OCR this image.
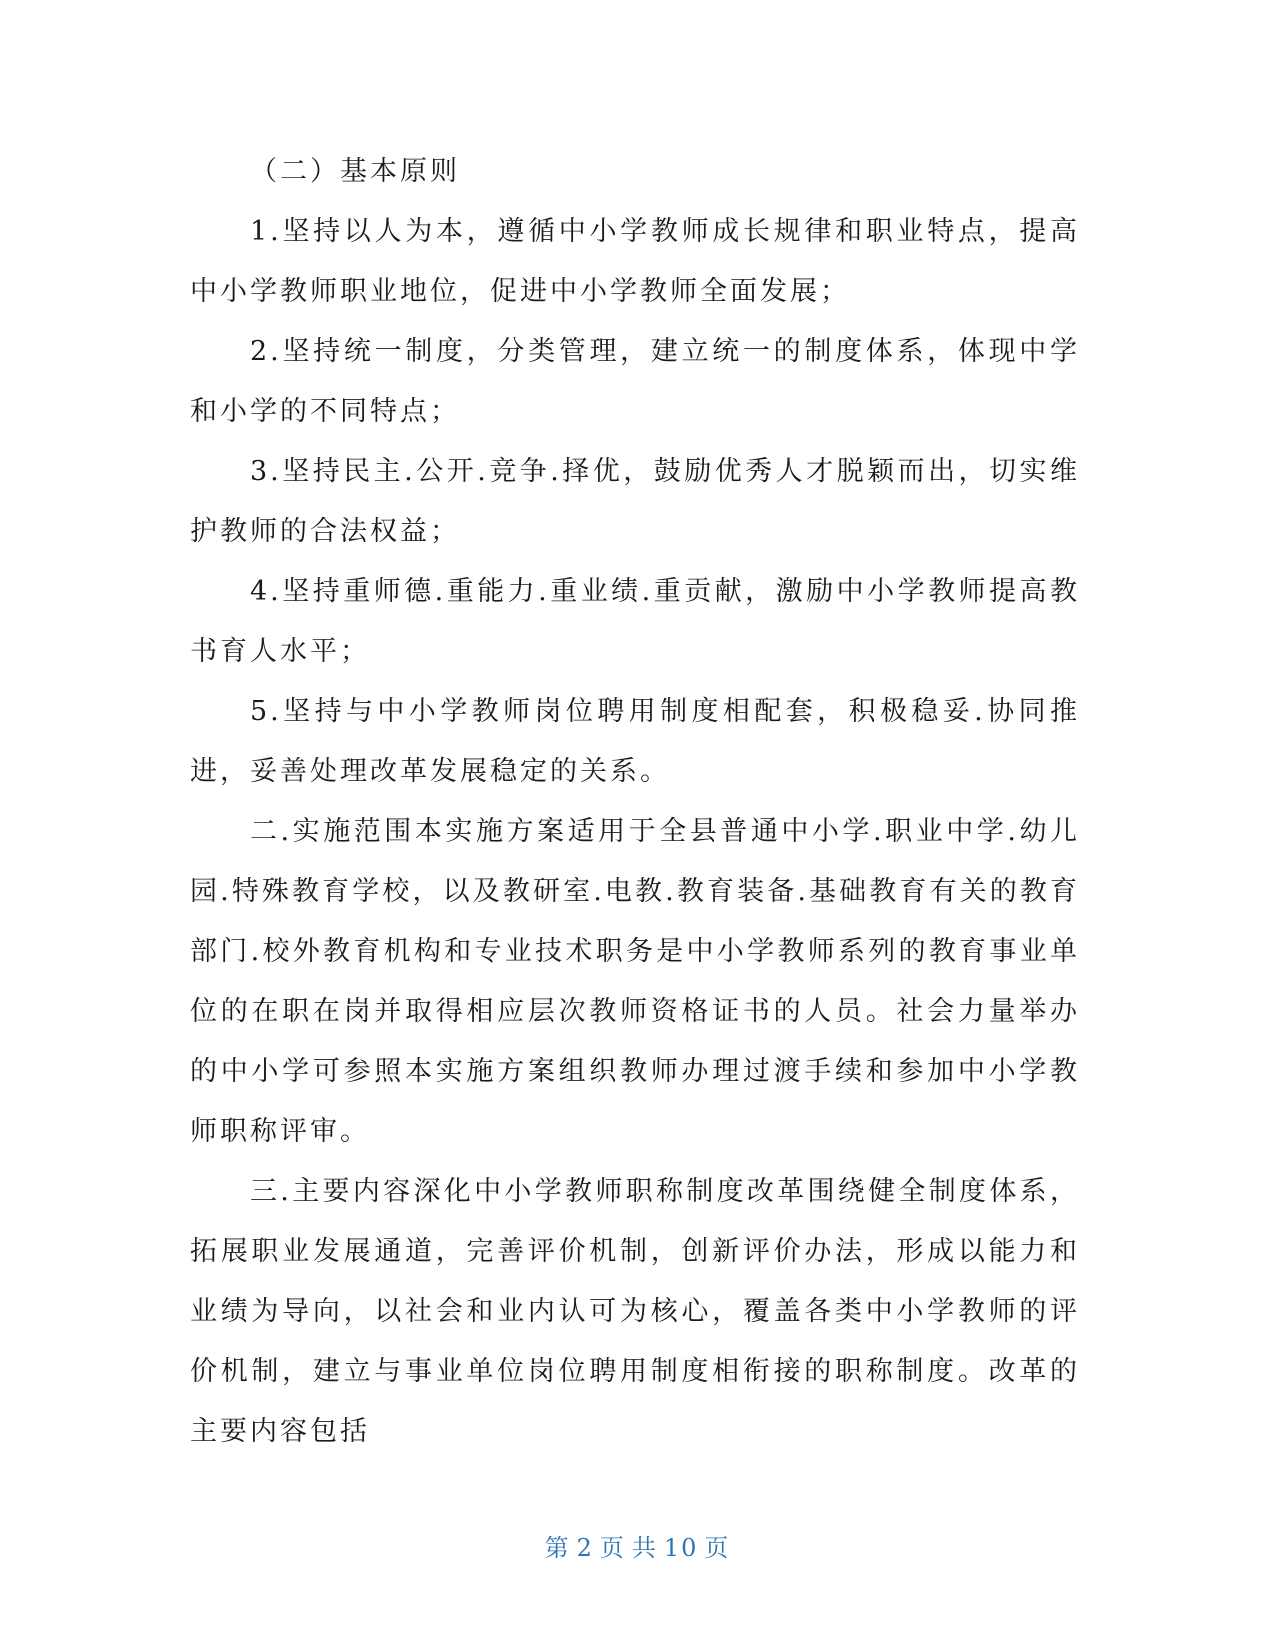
（二）基本原则

1.坚持以人为本，遵循中小学教师成长规律和职业特点，提高中小学教师职业地位，促进中小学教师全面发展；

2.坚持统一制度，分类管理，建立统一的制度体系，体现中学和小学的不同特点；

3.坚持民主.公开.竞争.择优，鼓励优秀人才脱颖而出，切实维护教师的合法权益；

4.坚持重师德.重能力.重业绩.重贡献，激励中小学教师提高教书育人水平；

5.坚持与中小学教师岗位聘用制度相配套，积极稳妥.协同推进，妥善处理改革发展稳定的关系。

二.实施范围本实施方案适用于全县普通中小学.职业中学.幼儿园.特殊教育学校，以及教研室.电教.教育装备.基础教育有关的教育部门.校外教育机构和专业技术职务是中小学教师系列的教育事业单位的在职在岗并取得相应层次教师资格证书的人员。社会力量举办的中小学可参照本实施方案组织教师办理过渡手续和参加中小学教师职称评审。

三.主要内容深化中小学教师职称制度改革围绕健全制度体系，拓展职业发展通道，完善评价机制，创新评价办法，形成以能力和业绩为导向，以社会和业内认可为核心，覆盖各类中小学教师的评价机制，建立与事业单位岗位聘用制度相衔接的职称制度。改革的主要内容包括

第 2 页 共 10 页
